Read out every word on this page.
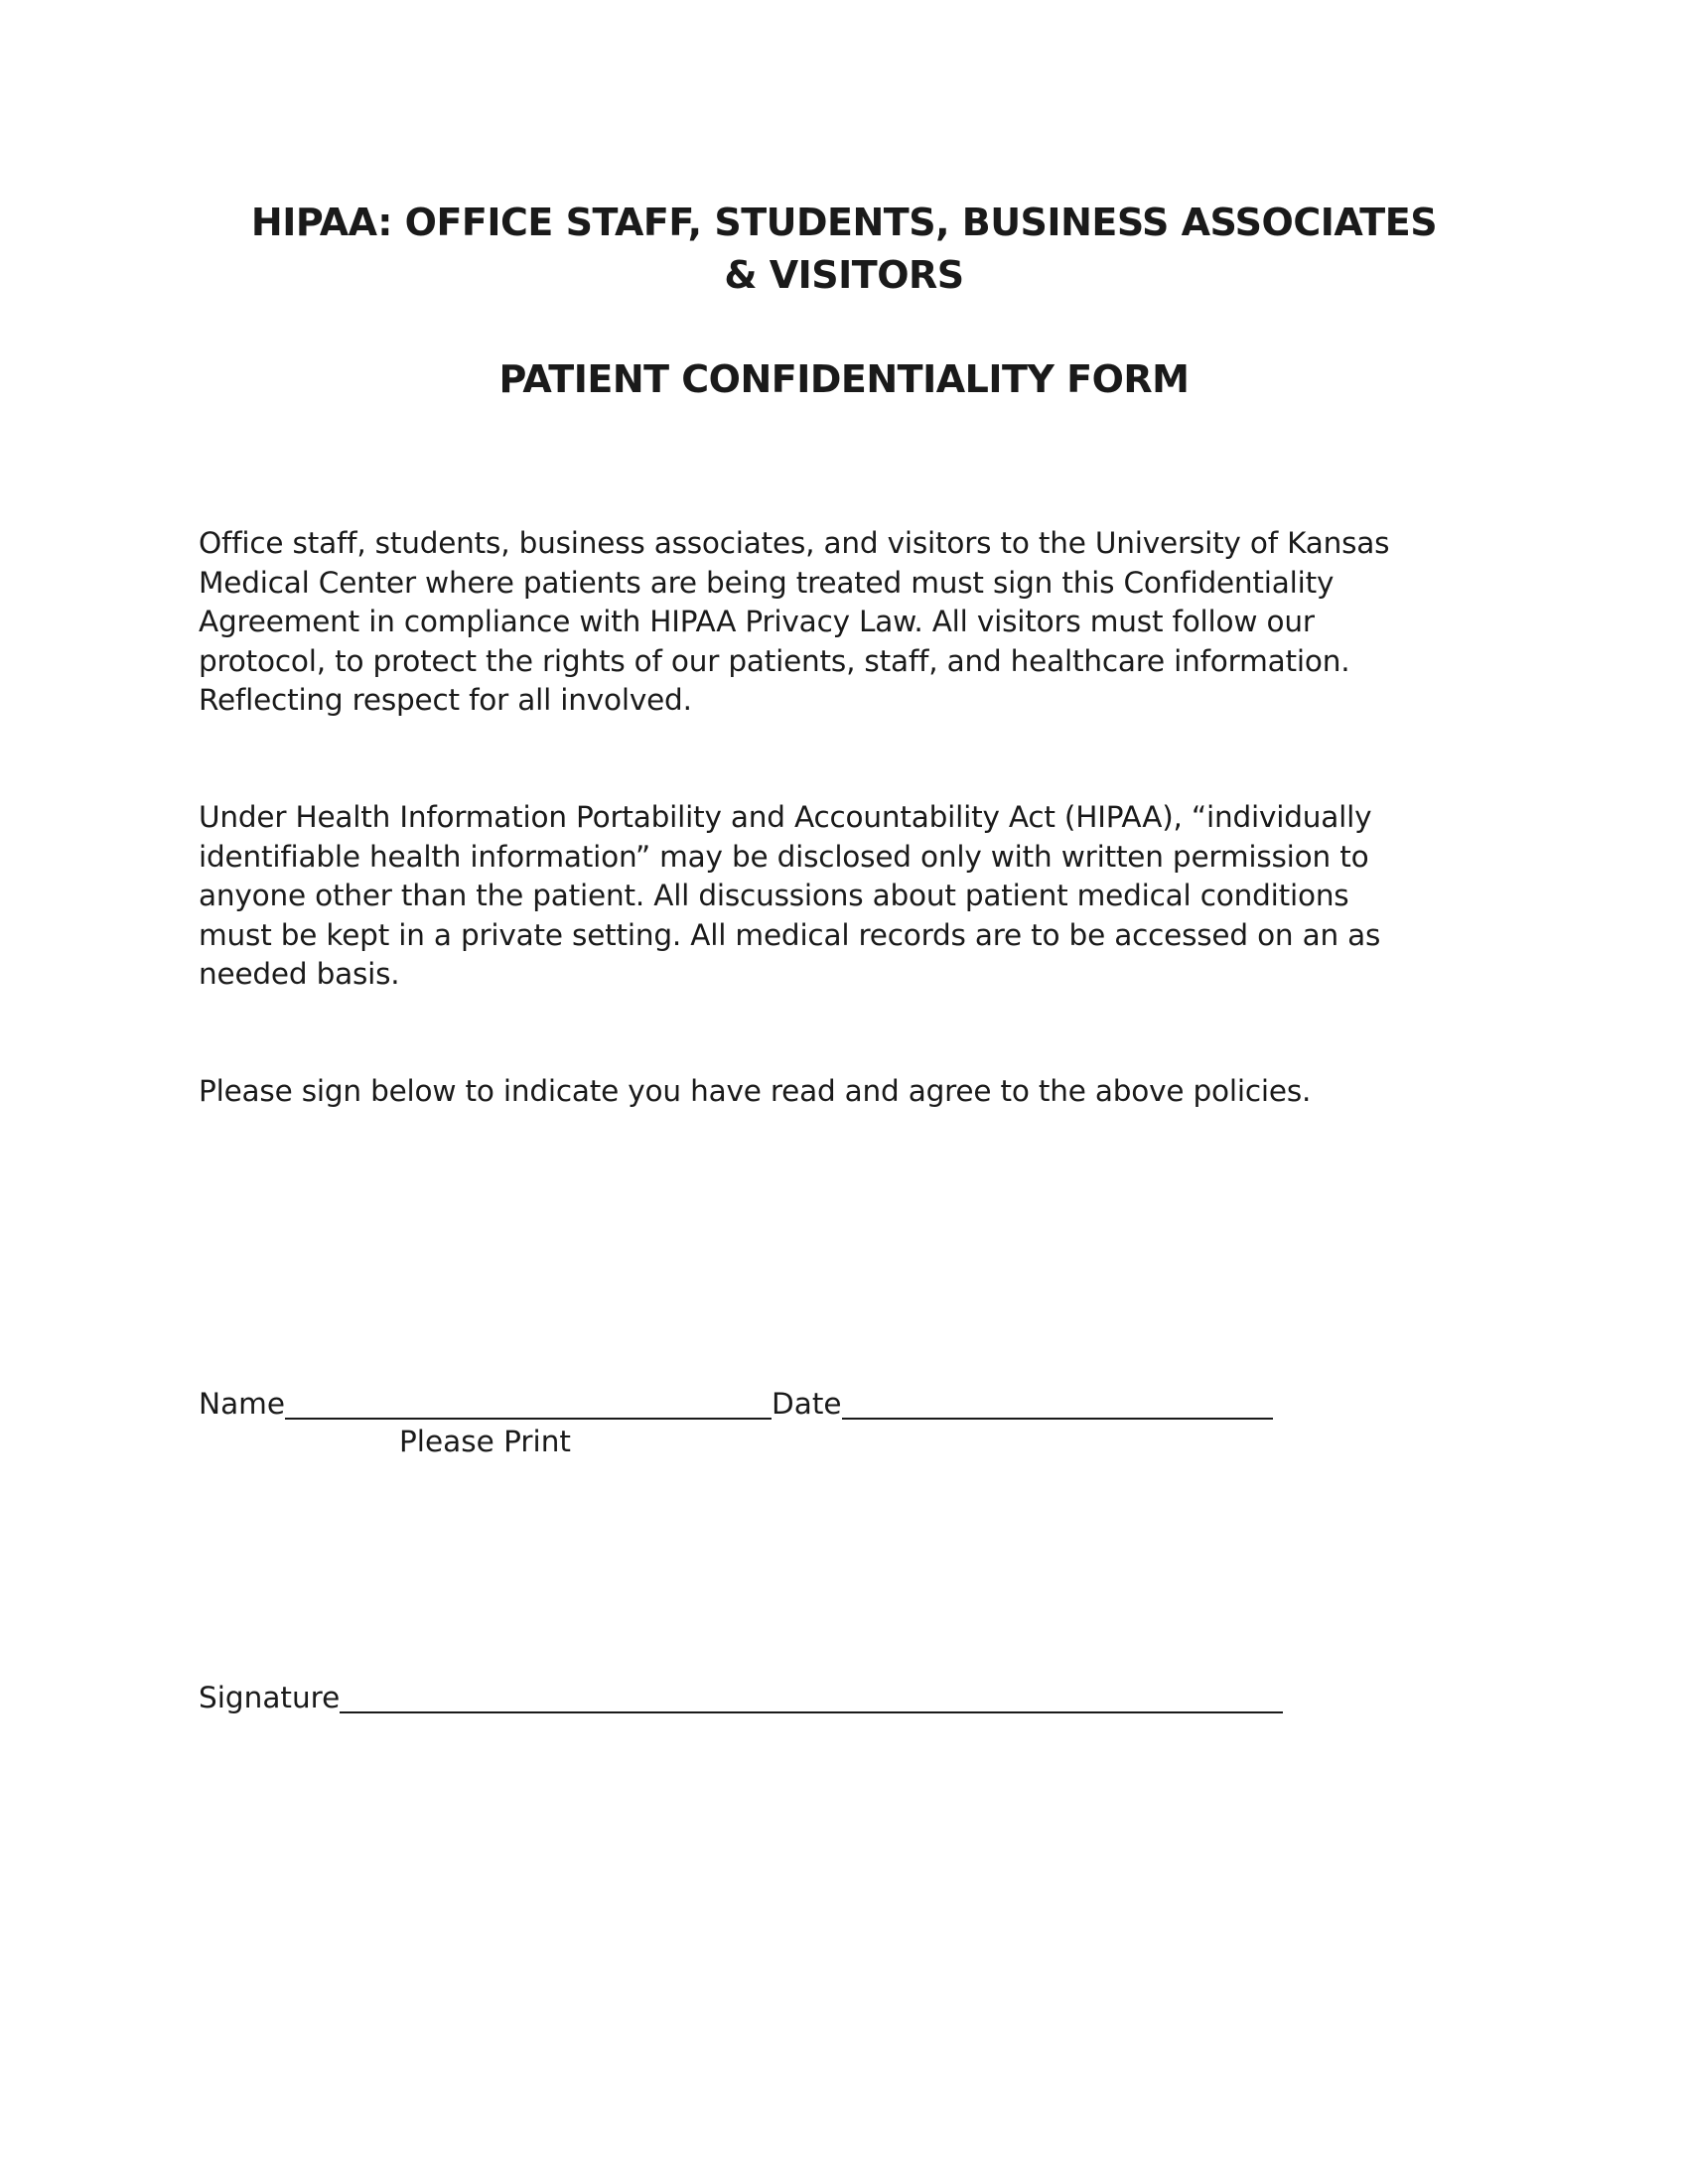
HIPAA: OFFICE STAFF, STUDENTS, BUSINESS ASSOCIATES
& VISITORS
PATIENT CONFIDENTIALITY FORM

Office staff, students, business associates, and visitors to the University of Kansas
Medical Center where patients are being treated must sign this Confidentiality
Agreement in compliance with HIPAA Privacy Law. All visitors must follow our
protocol, to protect the rights of our patients, staff, and healthcare information.
Reflecting respect for all involved.

Under Health Information Portability and Accountability Act (HIPAA), “individually
identifiable health information” may be disclosed only with written permission to
anyone other than the patient. All discussions about patient medical conditions
must be kept in a private setting. All medical records are to be accessed on an as
needed basis.

Please sign below to indicate you have read and agree to the above policies.

Name	Date
Please Print
Signature
